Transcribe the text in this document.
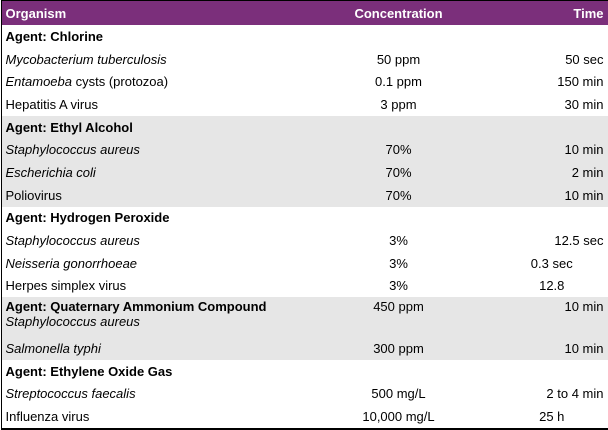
Organism	Concentration	Time
Agent: Chlorine		
Mycobacterium tuberculosis	50 ppm	50 sec
Entamoeba cysts (protozoa)	0.1 ppm	150 min
Hepatitis A virus	3 ppm	30 min
Agent: Ethyl Alcohol		
Staphylococcus aureus	70%	10 min
Escherichia coli	70%	2 min
Poliovirus	70%	10 min
Agent: Hydrogen Peroxide		
Staphylococcus aureus	3%	12.5 sec
Neisseria gonorrhoeae	3%	0.3 sec
Herpes simplex virus	3%	12.8
Agent: Quaternary Ammonium Compound
Staphylococcus aureus	450 ppm	10 min
Salmonella typhi	300 ppm	10 min
Agent: Ethylene Oxide Gas		
Streptococcus faecalis	500 mg/L	2 to 4 min
Influenza virus	10,000 mg/L	25 h
